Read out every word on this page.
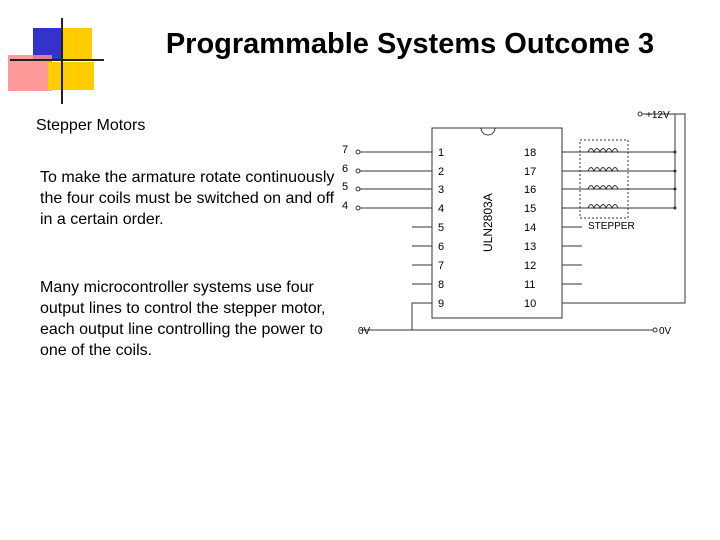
Programmable Systems Outcome 3

Stepper Motors

To make the armature rotate continuously the four coils must be switched on and off in a certain order.

Many microcontroller systems use four output lines to control the stepper motor, each output line controlling the power to one of the coils.

1
2
3
4
5
6
7
8
9
18
17
16
15
14
13
12
11
10
7
6
5
4	ULN2803A
+12V
0V	0V
STEPPER
